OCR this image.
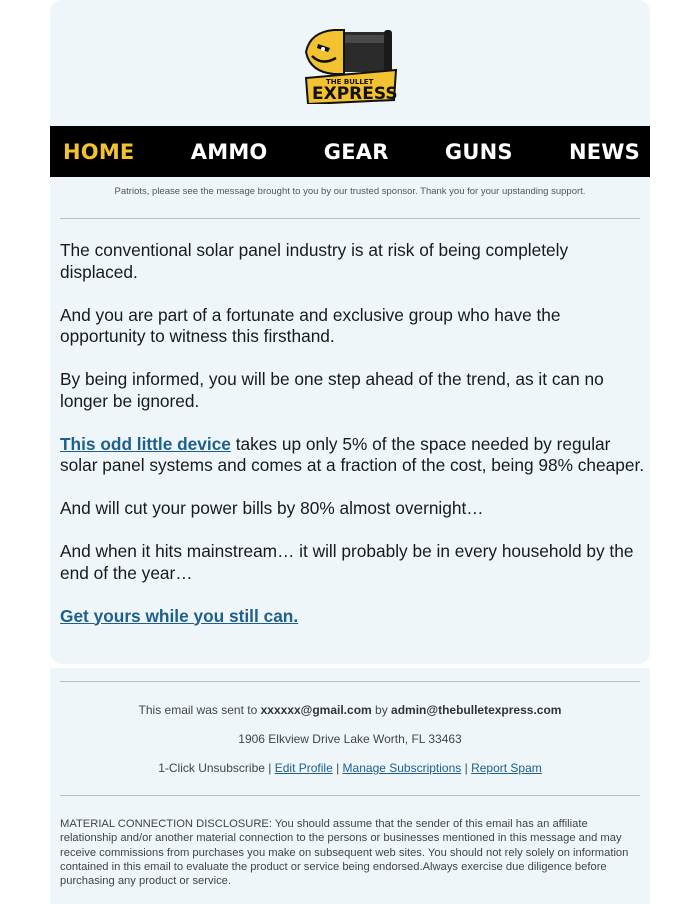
THE BULLET
EXPRESS
HOME	AMMO	GEAR	GUNS	NEWS
Patriots, please see the message brought to you by our trusted sponsor. Thank you for your upstanding support.

The conventional solar panel industry is at risk of being completely displaced.

And you are part of a fortunate and exclusive group who have the opportunity to witness this firsthand.

By being informed, you will be one step ahead of the trend, as it can no longer be ignored.

This odd little device takes up only 5% of the space needed by regular solar panel systems and comes at a fraction of the cost, being 98% cheaper.

And will cut your power bills by 80% almost overnight…

And when it hits mainstream… it will probably be in every household by the end of the year…

Get yours while you still can.

This email was sent to xxxxxx@gmail.com by admin@thebulletexpress.com
1906 Elkview Drive Lake Worth, FL 33463
1-Click Unsubscribe | Edit Profile | Manage Subscriptions | Report Spam
MATERIAL CONNECTION DISCLOSURE: You should assume that the sender of this email has an affiliate relationship and/or another material connection to the persons or businesses mentioned in this message and may receive commissions from purchases you make on subsequent web sites. You should not rely solely on information contained in this email to evaluate the product or service being endorsed.Always exercise due diligence before purchasing any product or service.
